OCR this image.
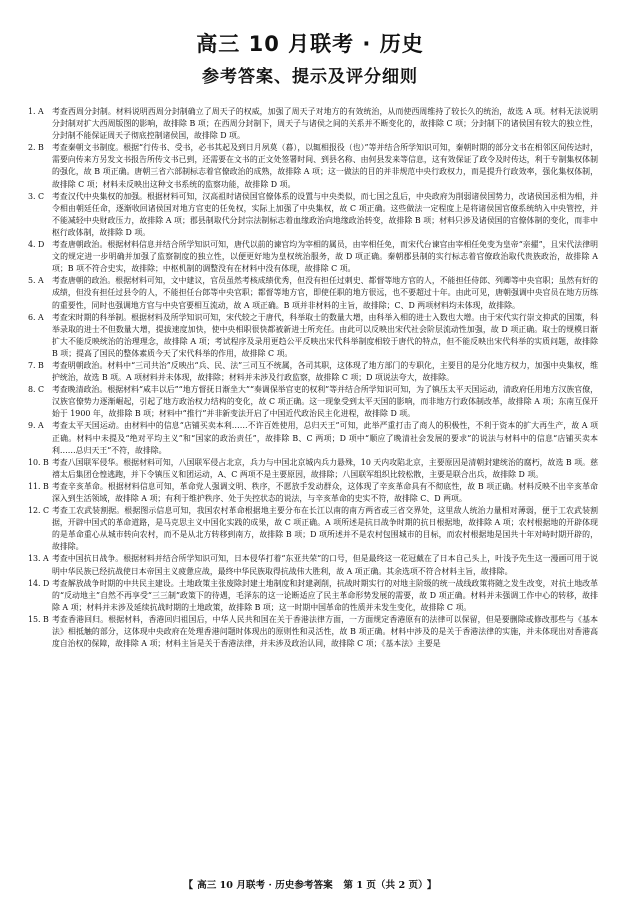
高三 10 月联考 · 历史
参考答案、提示及评分细则

1. A	考查西周分封制。材料说明西周分封制确立了周天子的权威，加强了周天子对地方的有效统治，从而使西周维持了较长久的统治，故选 A 项。材料无法说明分封制对扩大西周版图的影响，故排除 B 项；在西周分封制下，周天子与诸侯之间的关系并不断变化的，故排除 C 项；分封制下的诸侯国有较大的独立性，分封制不能保证周天子彻底控制诸侯国，故排除 D 项。

2. B	考查秦朝文书制度。根据“行传书、受书，必书其起及到日月夙莫（暮），以辄相报役（也）”等并结合所学知识可知，秦朝时期的部分文书在相邻区间传达时，需要向传来方另发文书报告所传文书已到，还需要在文书的正文处签署时间、到县名称、由何县发来等信息，这有效保证了政令及时传达，利于专制集权体制的强化，故 B 项正确。唐朝三省六部制标志着官僚政治的成熟，故排除 A 项；这一做法的目的并非规范中央行政权力，而是提升行政效率，强化集权体制，故排除 C 项；材料未反映出这种文书系统的监察功能，故排除 D 项。

3. C	考查汉代中央集权的加强。根据材料可知，汉高祖时诸侯国官僚体系的设置与中央类似，而七国之乱后，中央政府为削弱诸侯国势力，改诸侯国丞相为相，并令相由朝廷任命，逐渐收回诸侯国对地方官吏的任免权，实际上加强了中央集权，故 C 项正确。这些做法一定程度上是将诸侯国官僚系统纳入中央管控，并不能减轻中央财政压力，故排除 A 项；郡县制取代分封宗法制标志着血缘政治向地缘政治转变，故排除 B 项；材料只涉及诸侯国的官僚体制的变化，而非中枢行政体制，故排除 D 项。

4. D 考查唐朝政治。根据材料信息并结合所学知识可知，唐代以前的谏官均为宰相的属员，由宰相任免，而宋代台谏官由宰相任免变为皇帝“亲擢”，且宋代法律明文的规定进一步明确并加强了监察制度的独立性，以便更好地为皇权统治服务，故 D 项正确。秦朝郡县制的实行标志着官僚政治取代贵族政治，故排除 A 项；B 项不符合史实，故排除；中枢机制的调整没有在材料中没有体现，故排除 C 项。

5. A	考查唐朝的政治。根据材料可知，文中建议，官员虽然考核成绩优秀，但没有担任过刺史、都督等地方官的人，不能担任侍郎、列卿等中央官职；虽然有好的成绩，但没有担任过县令的人，不能担任台郎等中央官职；都督等地方官，即使任职的地方很远，也不要超过十年。由此可见，唐朝强调中央官员在地方历练的重要性，同时也强调地方官与中央官要相互流动，故 A 项正确。B 项并非材料的主旨，故排除；C、D 两项材料均未体现，故排除。

6. A	考查宋时期的科举制。根据材料及所学知识可知，宋代较之于唐代，科举取士的数量大增，由科举入相的进士入数也大增。由于宋代实行崇文抑武的国策，科举录取的进士不但数量大增，提拔速度加快，使中央相职很快都被新进士所充任。由此可以反映出宋代社会阶层流动性加强，故 D 项正确。取士的规模日渐扩大不能反映统治的治理理念，故排除 A 项；考试程序及录用更趋公平反映出宋代科举制度相较于唐代的特点，但不能反映出宋代科举的实质问题，故排除 B 项；提高了国民的整体素质今天了宋代科举的作用，故排除 C 项。

7. B	考查明朝政治。材料中“三司共治”反映出“兵、民、法”三司互不统属，各司其职，这体现了地方部门的专职化，主要目的是分化地方权力，加强中央集权，维护统治，故选 B 项。A 项材料并未体现，故排除；材料并未涉及行政监察，故排除 C 项；D 项说法夸大，故排除。

8. C	考查晚清政治。根据材料“咸丰以后”“地方督抚日渐坐大”“奏调保举官吏的权利”等并结合所学知识可知，为了镇压太平天国运动，清政府任用地方汉族官僚，汉族官僚势力逐渐崛起，引起了地方政治权力结构的变化，故 C 项正确。这一现象受到太平天国的影响，而非地方行政体制改革，故排除 A 项；东南互保开始于 1900 年，故排除 B 项；材料中“推行”并非新变法开启了中国近代政治民主化进程，故排除 D 项。

9. A	考查太平天国运动。由材料中的信息“店铺买卖本利……不许百姓使用，总归天王”可知，此举严重打击了商人的积极性，不利于资本的扩大再生产，故 A 项正确。材料中未提及“绝对平均主义”和“国家的政治责任”，故排除 B、C 两项；D 项中“顺应了晚清社会发展的要求”的说法与材料中的信息“店铺买卖本利……总归天王”不符，故排除。

10. B 考查八国联军侵华。根据材料可知，八国联军侵占北京，兵力与中国北京城内兵力悬殊，10 天内攻陷北京，主要原因是清朝封建统治的腐朽，故选 B 项。慈禧太后集团仓惶逃跑，并下令镇压义和团运动，A、C 两项不是主要原因，故排除；八国联军组织比较松散，主要是联合出兵，故排除 D 项。

11. B 考查辛亥革命。根据材料信息可知，革命党人强调文明、秩序，不愿放手发动群众，这体现了辛亥革命具有不彻底性，故 B 项正确。材料反映不出辛亥革命深入到生活领域，故排除 A 项；有利于维护秩序、处于失控状态的说法，与辛亥革命的史实不符，故排除 C、D 两项。

12. C 考查工农武装割据。根据图示信息可知，我国农村革命根据地主要分布在长江以南的南方两省或三省交界处，这里敌人统治力量相对薄弱，便于工农武装割据，开辟中国式的革命道路，是马克思主义中国化实践的成果，故 C 项正确。A 项所述是抗日战争时期的抗日根据地，故排除 A 项；农村根据地的开辟体现的是革命重心从城市转向农村，而不是从北方转移到南方，故排除 B 项；D 项所述并不是农村包围城市的目标，而农村根据地是国共十年对峙时期开辟的，故排除。

13. A 考查中国抗日战争。根据材料并结合所学知识可知，日本侵华打着“东亚共荣”的口号，但是最终这一花冠戴在了日本自己头上，叶浅予先生这一漫画可用于说明中华民族已经抗战使日本帝国主义疲惫应战，最终中华民族取得抗战伟大胜利，故 A 项正确。其余选项不符合材料主旨，故排除。

14. D 考查解放战争时期的中共民主建设。土地政策主张废除封建土地制度和封建剥削，抗战时期实行的对地主阶级的统一战线政策将随之发生改变，对抗土地改革的“反动地主”自然不再享受“三三制”政策下的待遇，毛泽东的这一论断适应了民主革命形势发展的需要，故 D 项正确。材料并未强调工作中心的转移，故排除 A 项；材料并未涉及延续抗战时期的土地政策，故排除 B 项；这一时期中国革命的性质并未发生变化，故排除 C 项。

15. B 考查香港回归。根据材料，香港回归祖国后，中华人民共和国在关于香港法律方面，一方面规定香港原有的法律可以保留，但是要删除或修改那些与《基本法》相抵触的部分，这体现中央政府在处理香港问题时体现出的原则性和灵活性，故 B 项正确。材料中涉及的是关于香港法律的实施，并未体现出对香港高度自治权的保障，故排除 A 项；材料主旨是关于香港法律，并未涉及政治认同，故排除 C 项；《基本法》主要是

【 高三 10 月联考 · 历史参考答案 第 1 页（共 2 页） 】
